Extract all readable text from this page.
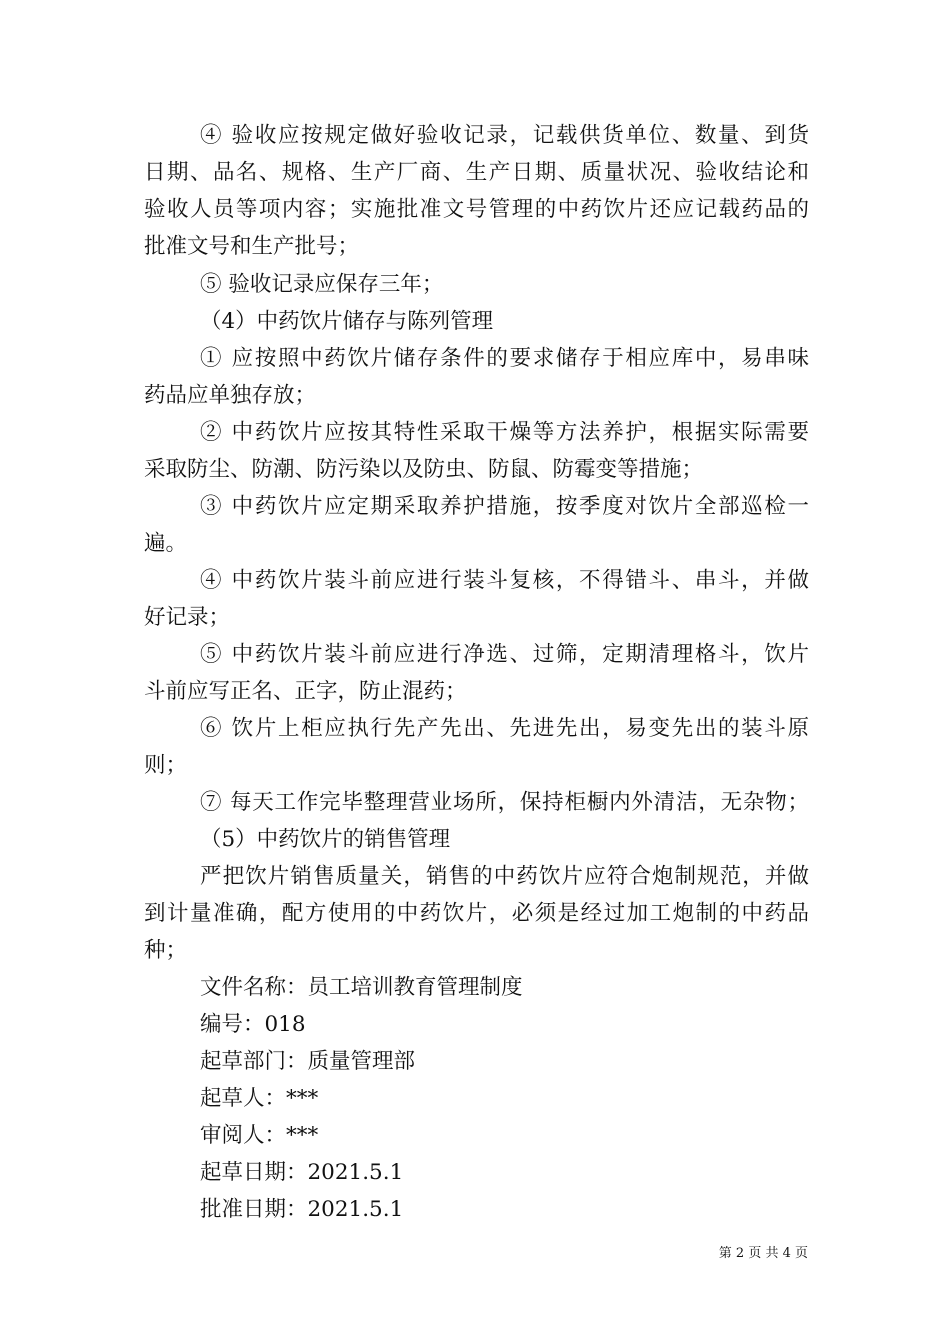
④ 验收应按规定做好验收记录，记载供货单位、数量、到货
日期、品名、规格、生产厂商、生产日期、质量状况、验收结论和
验收人员等项内容；实施批准文号管理的中药饮片还应记载药品的
批准文号和生产批号；
⑤ 验收记录应保存三年；
（4）中药饮片储存与陈列管理
① 应按照中药饮片储存条件的要求储存于相应库中，易串味
药品应单独存放；
② 中药饮片应按其特性采取干燥等方法养护，根据实际需要
采取防尘、防潮、防污染以及防虫、防鼠、防霉变等措施；
③ 中药饮片应定期采取养护措施，按季度对饮片全部巡检一
遍。
④ 中药饮片装斗前应进行装斗复核，不得错斗、串斗，并做
好记录；
⑤ 中药饮片装斗前应进行净选、过筛，定期清理格斗，饮片
斗前应写正名、正字，防止混药；
⑥ 饮片上柜应执行先产先出、先进先出，易变先出的装斗原
则；
⑦ 每天工作完毕整理营业场所，保持柜橱内外清洁，无杂物；
（5）中药饮片的销售管理
严把饮片销售质量关，销售的中药饮片应符合炮制规范，并做
到计量准确，配方使用的中药饮片，必须是经过加工炮制的中药品
种；
文件名称：员工培训教育管理制度
编号：018
起草部门：质量管理部
起草人：***
审阅人：***
起草日期：2021.5.1
批准日期：2021.5.1
第 2 页 共 4 页
